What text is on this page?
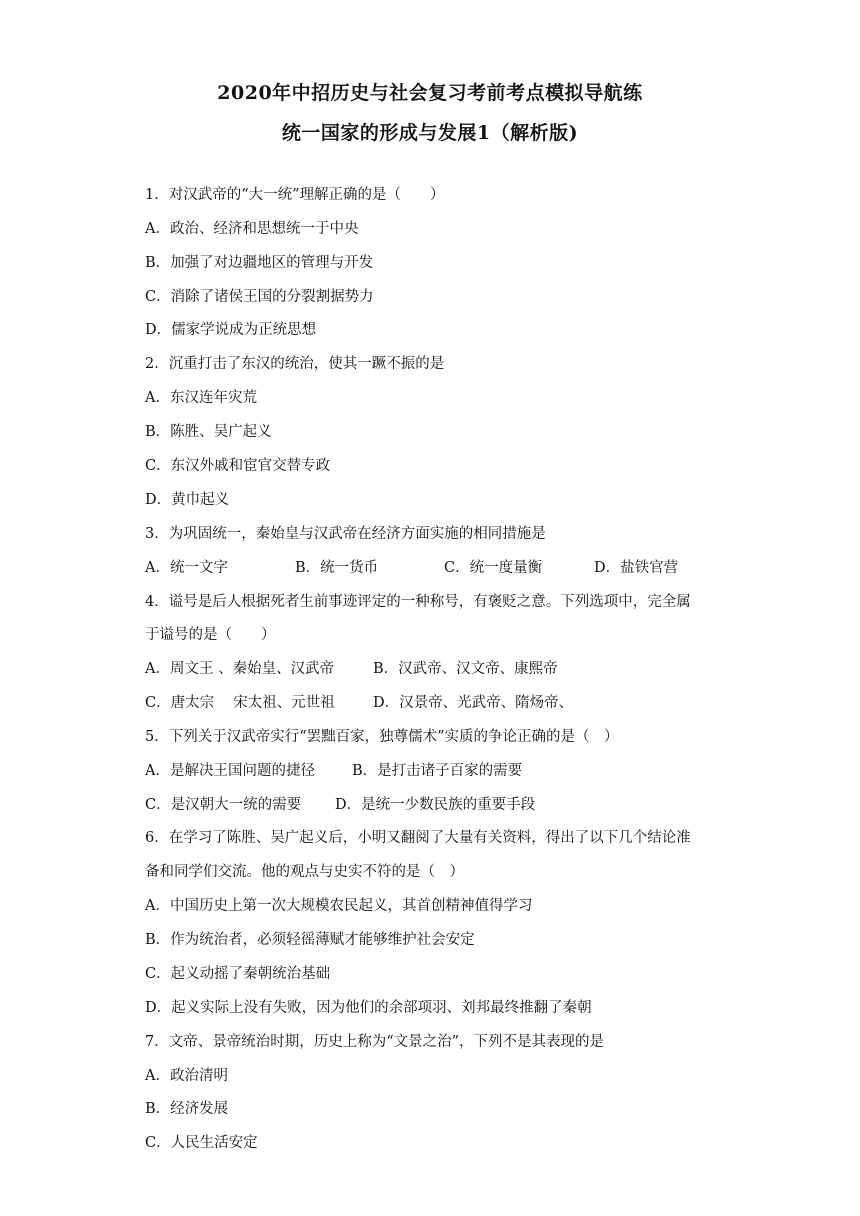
2020年中招历史与社会复习考前考点模拟导航练
统一国家的形成与发展1（解析版)
1．对汉武帝的“大一统”理解正确的是（　　）
A．政治、经济和思想统一于中央
B．加强了对边疆地区的管理与开发
C．消除了诸侯王国的分裂割据势力
D．儒家学说成为正统思想
2．沉重打击了东汉的统治，使其一蹶不振的是
A．东汉连年灾荒
B．陈胜、吴广起义
C．东汉外戚和宦官交替专政
D．黄巾起义
3．为巩固统一，秦始皇与汉武帝在经济方面实施的相同措施是
A．统一文字	B．统一货币	C．统一度量衡	D．盐铁官营
4．谥号是后人根据死者生前事迹评定的一种称号，有褒贬之意。下列选项中，完全属
于谥号的是（　　）
A．周文王 、秦始皇、汉武帝	B．汉武帝、汉文帝、康熙帝
C．唐太宗　 宋太祖、元世祖	D．汉景帝、光武帝、隋炀帝、
5．下列关于汉武帝实行“罢黜百家，独尊儒术”实质的争论正确的是（　）
A．是解决王国问题的捷径	B．是打击诸子百家的需要
C．是汉朝大一统的需要 D．是统一少数民族的重要手段
6．在学习了陈胜、吴广起义后，小明又翻阅了大量有关资料，得出了以下几个结论准
备和同学们交流。他的观点与史实不符的是（　）
A．中国历史上第一次大规模农民起义，其首创精神值得学习
B．作为统治者，必须轻徭薄赋才能够维护社会安定
C．起义动摇了秦朝统治基础
D．起义实际上没有失败，因为他们的余部项羽、刘邦最终推翻了秦朝
7．文帝、景帝统治时期，历史上称为“文景之治”，下列不是其表现的是
A．政治清明
B．经济发展
C．人民生活安定
